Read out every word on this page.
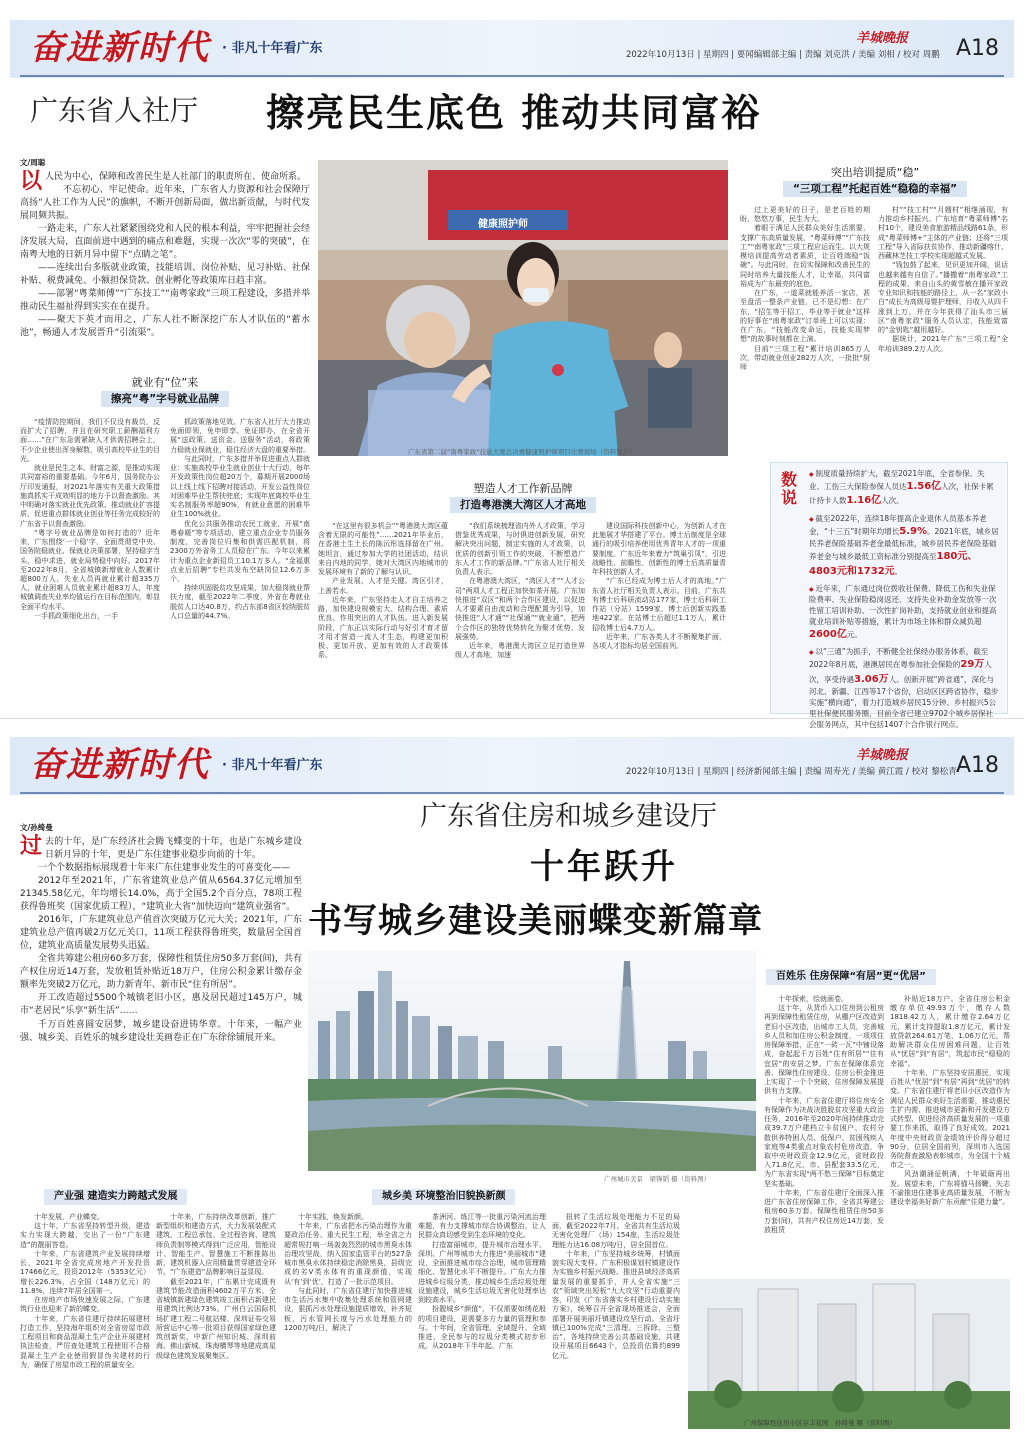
奋进新时代 · 非凡十年看广东	2022年10月13日 | 星期四 | 要闻编辑部主编 | 责编 刘克洪 / 美编 刘相 / 校对 周鹏
羊城晚报 A18
广东省人社厅 擦亮民生底色 推动共同富裕
文/周聪
以 人民为中心，保障和改善民生是人社部门的职责所在、使命所系。

不忘初心、牢记使命。近年来，广东省人力资源和社会保障厅高扬“人社工作为人民”的旗帜，不断开创新局面，做出新贡献，与时代发展同频共振。

一路走来，广东人社紧紧围绕党和人民的根本利益，牢牢把握社会经济发展大局，直面前进中遇到的痛点和难题，实现一次次“零的突破”，在南粤大地的日新月异中留下“点睛之笔”。

——连续出台多版就业政策，技能培训、岗位补贴、见习补贴、社保补贴、税费减免、小额担保贷款、创业孵化等政策库日趋丰富。

——部署“粤菜师傅”“广东技工”“南粤家政”三项工程建设，多措并举推动民生福祉得到实实在在提升。

——聚天下英才而用之，广东人社不断深挖广东人才队伍的“蓄水池”，畅通人才发展晋升“引流渠”。

就业有“位”来
擦亮“粤”字号就业品牌

“疫情防控期间，我们不仅没有裁员，反而扩大了招聘，并且在研究职工薪酬福利方面……”在广东急需紧缺人才供需招聘会上，不少企业使出浑身解数，吸引高校毕业生的目光。

就业是民生之本、财富之源，是推动实现共同富裕的重要基础。今年6月，国务院办公厅印发通报，对2021年落实有关重大政策措施真抓实干成效明显的地方予以督查激励。其中明确对落实就业优先政策、推动就业扩容提质、促进重点群体就业创业等任务完成较好的广东省予以督查激励。

“粤字号就业品牌是如何打造的？近年来，广东围绕‘一个稳’字，全面贯彻党中央、国务院稳就业、保就业决策部署，坚持稳字当头、稳中求进，就业局势稳中向好。2017年至2022年8月，全省城镇新增就业人数累计超800万人，失业人员再就业累计超335万人，就业困难人员就业累计超83万人，年度城镇调查失业率均值运行在目标范围内，彰显全面平均水平。

一手抓政策细化出台，一手

抓政策落地见效。广东省人社厅大力推动免面即领，免申即享、免证即办，在全省开展“送政策、送资金、送服务”活动，将政策力稳就业保就业，稳住经济大盘的重要举措。

与此同时，广东多措并举促进重点人群就业：实施高校毕业生就业创业十大行动，每年开发政策性岗位超20万个，募期开展2000场以上线上线下招聘对接活动，开发公益性岗位对困难毕业生帮扶兜底；实现年底离校毕业生实名制服务率超90%，有就业意愿的困难毕业生100%就业。

优化公共服务推动农民工就业，开展“南粤春暖”等专项活动，建立重点企业专员服务制度，完善岗位归集和供需匹配机制，将2300万外省务工人员稳在广东。今年以来累计为重点企业新招员工10.1万多人。“金福惠点业后招聘”专栏共发布空缺岗位12.6万多个。

持续巩固脱贫攻坚成果，加大稳岗就业帮扶力度，截至2022年二季度，外省在粤就业脱贫人口达40.8万，约占东部8省区较纳脱贫人口总量的44.7%。

健康照护师
广东省第二届“南粤家政”技能大赛总决赛健康照护师项目比赛现场（资料图片）
塑造人才工作新品牌
打造粤港澳大湾区人才高地

“在这里有很多机会”“粤港澳大湾区蕴含着无限的可能性”……2021年毕业后，在香港土生土长的陈沅彤选择留在广州。她坦言，通过参加大学的社团活动，结识来自内地的同学，她对大湾区内地城市的发展环境有了新的了解与认识。

产业发展，人才是关键。湾区引才，上善若水。

近年来，广东坚持走人才自主培养之路，加快建设规模宏大、结构合理、素质优良、作用突出的人才队伍。进入新发展阶段，广东正以实际行动与好引才育才留才用才营造一流人才生态，构建更加积极、更加开放、更加有效的人才政策体系。

“我们系统梳理省内外人才政策，学习借鉴优秀成果，与时俱进创新发展，研究解决突出问题，制定实施的人才政策，以优质的创新引领工作的突破，不断塑造广东人才工作的新品牌。”广东省人社厅相关负责人表示。

在粤港澳大湾区，“湾区人才”“人才公司”两项人才工程正加快如茶开展。广东加快推进“双区”和两个合作区建设，以促进人才要素自由流动和合理配置为引导，加快推进“人才通”“社保通”“就业通”，把两个合作区的独特优势转化为聚才优势、发展强势。

近年来，粤港澳大湾区立足打造世界级人才高地，加速

建设国际科技创新中心，为创新人才在此施展才华搭建了平台。博士后制度是全球通行的吸引培养使用优秀青年人才的一项重要制度。广东近年来着力“筑巢引凤”，引进战略性、前瞻性、创新性的博士后高质量青年科技创新人才。

“广东已经成为博士后人才的高地。”广东省人社厅相关负责人表示。目前，广东共有博士后科研流动站177家，博士后科研工作站（分站）1599家，博士后创新实践基地422家。在站博士后超过1.1万人，累计招收博士后4.7万人。

近年来，广东各类人才不断聚集扩面，各项人才指标均居全国前列。

突出培训提质“稳”
“三项工程”托起百姓“稳稳的幸福”

过上更美好的日子，是老百姓的期盼、悠悠万事，民生为大。

着眼于满足人民群众美好生活需要，支撑广东高质量发展，“粤菜师傅”“广东技工”“南粤家政”三项工程应运而生。以大规模培训提高劳动者素质，让百姓端稳“饭碗”。与此同时，在切实保障和改善民生的同时培养大量技能人才，让幸福，共同富裕成为广东最亮的底色。

在广东，一道菜就能养活一家店，甚至盘活一整条产业链，已不是幻想：在广东，“招生等于招工，毕业等于就业”这样的好事在“南粤家政”订单班上可以实现：在广东，“技能改变命运，技能实现梦想”的故事时刻都在上演。

目前“三项工程”累计培训865万人次，带动就业创业282万人次，一批批“厨师

村”“技工村”“月嫂村”相继涌现，有力推动乡村振兴。广东培育“粤菜师傅”名村10个，建设美食旅游精品线路61条，形成“粤菜师傅+”主体的产业链；还将“三项工程”导入省际扶贫协作，推动新疆喀什、西藏林芝技工学校实现超越式发展。

“钱包鼓了起来，见识更加开阔，说话也越来越有自信了。”播撒着“南粤家政”工程的成果，来自山头的黄雪敏在播开家政专业知识和技能的路径上，从一名“家政小白”成长为高级母婴护理师，月收入从四千涨到上万，并在今年获得了汕头市三届区“南粤家政”服务人员认定，技能致富的“金钥匙”越用越好。

据统计，2021年广东“三项工程”全年培训389.2万人次。

数说
◆ 制度质量持续扩大，截至2021年底，全省参保、失业、工伤三大保险参保人员达1.56亿人次，社保卡累计持卡人数1.16亿人次。
◆ 截至2022年，连续18年提高企业退休人员基本养老金，“十三五”时期年均增长5.9%。2021年底，城乡居民养老保险基础养老金最低标准，城乡居民养老保险基础养老金与城乡最低工资标准分别提高至180元、4803元和1732元。
◆ 近年来，广东通过岗位拨收社保费、降低工伤和失业保险费率、失业保险稳岗返还、支持失业补助金发放等一次性留工培训补助、一次性扩岗补助，支持就业创业和提高就业培训补贴等措施，累计为市场主体和群众减负超2600亿元。
◆ 以“三通”为抓手，不断健全社保经办服务体系，截至2022年8月底，港澳居民在粤参加社会保险的29万人次，享受待遇3.06万人。创新开展“跨省通”，深化与河北、新疆、江西等17个省份，启动区区跨省协作，稳步实施“横向通”，着力打造城乡居民15分钟、乡村振兴5公里社保便民服务圈，目前全省已建立9702个城乡居保社会服务网点，其中包括1407个合作银行网点。
奋进新时代 · 非凡十年看广东	2022年10月13日 | 星期四 | 经济新闻部主编 | 责编 周寿光 / 美编 黄江霞 / 校对 黎松青
羊城晚报 A18
广东省住房和城乡建设厅
十年跃升
书写城乡建设美丽蝶变新篇章
文/孙绮曼
过 去的十年，是广东经济社会腾飞蝶变的十年，也是广东城乡建设日新月异的十年，更是广东住建事业稳步向前的十年。

一个个数据指标展现着十年来广东住建事业发生的可喜变化——

2012年至2021年，广东省建筑业总产值从6564.37亿元增加至21345.58亿元，年均增长14.0%，高于全国5.2个百分点，78项工程获得鲁班奖（国家优质工程），“建筑业大省”加快迈向“建筑业强省”。

2016年，广东建筑业总产值首次突破万亿元大关；2021年，广东建筑业总产值再破2万亿元关口，11项工程获得鲁班奖，数量居全国首位，建筑业高质量发展势头迅猛。

全省共筹建公租房60多万套，保障性租赁住房50多万套(间)，共有产权住房近14万套，发放租赁补贴近18万户，住房公积金累计缴存金额率先突破2万亿元，助力新青年、新市民“住有所居”。

开工改造超过5500个城镇老旧小区，惠及居民超过145万户，城市“老居民”乐享“新生活”……

千万百姓喜圆安居梦，城乡建设奋进铸华章。十年来，一幅产业强、城乡美、百姓乐的城乡建设壮美画卷正在广东徐徐铺展开来。

广州城市美景　梁锋韬 摄（资料图）
百姓乐 住房保障“有居”更“优居”

十年探索，绘就画卷。

这十年，从货币入口住房到公租房再到保障性租赁住房，从棚户区改造到老旧小区改造，出城市工人员，完善城乡人员和加住房公积金制度，一项项住房保障举措，正在“一砖一瓦”中铺设落成，奋起起千万百姓“住有所居”“住有宜居”的安居之梦。广东在保障体系完善、保障性住房建设、住房公积金推进上实现了一个个突破，住房保障发展提供有力支撑。

十年来，广东省住建厅将住房安全有保障作为决战决胜脱贫攻坚重大政治任务，2016年至2020年间持续推动完成39.7万户建档立卡贫困户、农村分散供养特困人员、低保户、贫困残疾人家庭等4类重点对象农村危房改造，争取中央财政资金12.9亿元，省财政投入71.8亿元，市、县配套33.5亿元，为广东省实现“两不愁三保障”目标奠定坚实基础。

十年来，广东省住建厅全面深入推进广东省住房保障工作，全省共筹建公租房60多万套、保障性租赁住房50多万套(间)，共有产权住房近14万套，发放租赁

补贴近18万户。全省住房公积金缴存单位49.93万个，缴存人数1818.42万人，累计缴存2.64万亿元，累计支持提取1.8万亿元，累计发放贷款264.61万笔，1.06万亿元，帮助解决群众住房困难问题，让百姓从“忧居”到“有居”，筑起市民“稳稳的幸福”。

十年来，广东坚持安居惠民，实现百姓从“忧居”到“有居”再到“优居”的转变。广东省住建厅将老旧小区改造作为满足人民群众美好生活需要，推动惠民生扩内需、推进城市更新和开发建设方式转型、促进经济高质量发展的一项重要工作来抓，取得了良好成效。2021年度中央财政资金绩效评价得分超过90分，位居全国前列，深圳市入选国务院督查激励表彰城市，为全国十个城市之一。

风劲潮涌征帆满，十年砥砺再出发。展望未来，广东将锚马扬鞭、矢志不渝推进住建事业高质量发展，不断为建设幸福美好新广东贡献“住建力量”。

产业强 建造实力跨越式发展

十年发展，产业蝶变。

这十年，广东省坚持转型升级，建造实力实现大跨越，交出了一份“广东建造”的靓丽答卷。

十年来，广东省建筑产业发展持续增长，2021年全省完成房地产开发投资17466亿元，投资2012年（5353亿元）增长226.3%，占全国（148万亿元）的11.8%，连续7年居全国第一。

在房地产市场快速发展之际，广东建筑行业也迎来了新的蝶变。

十年来，广东省住建厅持续拓展建材打造工作，坚持海年组织对全省房屋市政工程项目和商品混凝土生产企业开展建材执法检查，严厉查处建筑工程使用不合格混凝土生产企业使用假冒伪劣建材的行为，确保了房屋市政工程的质量安全。

十年来，广东持续改革创新，推广新型组织和建造方式，大力发展装配式建筑，工程总承包、全过程咨询、建筑师负责制等模式得到广泛应用，智能设计、智能生产、智慧施工不断推陈出新，建筑机器人应用精量贯穿建造全环节。“广东建造”品牌影响日益显现。

截至2021年，广东累计完成既有建筑节能改造面积4602万平方米，全省城镇新建绿色建筑竣工面积占新建民用建筑比例达73%。广州白云国际机场扩建工程二号航站楼、深圳证券交易所营运中心等一批项目获得国家绿色建筑创新奖，中新广州知识城、深圳前海、佛山新城、珠海横琴等地建成高星级绿色建筑发展聚集区。

城乡美 环境整治旧貌换新颜

十年实践，焕发新颜。

十年来，广东省把水污染治理作为重要政治任务、重大民生工程，举全省之力超常规打响一场轰轰烈烈的城市黑臭水体治理攻坚战，纳入国家监管平台的527条城市黑臭水体持续稳定消除黑臭，县级完成的劣V类水体有的重现颜值，实现从‘有’到‘优’，打造了一批示范项目。

与此同时，广东省住建厅加快推进城市生活污水集中收集处理系统和管网建设，狠抓污水处理设施提质增效，补齐短板，污水管网长度与污水处理能力的1200万吨/日，解决了

茶洲河、练江等一批重污染河流治理难题，有力支撑城市综合协调整治，让人民群众真切感受到生态环境的变化。

打造富丽城市，提升城市治理水平。深圳、广州等城市大力推进“美丽城市”建设，全面推进城市综合治理，城市管理精细化、智慧化水平不断提升。广东大力推进城乡垃圾分类，推动城乡生活垃圾处理设施建设，城乡生活垃圾无害化处理率达到较高水平。

扮靓城乡“颜值”，不仅需要如绣花般的项目建设，更需要多方力量的管理和参与。十年间，全省管理、全域提升、全域推进，全民参与的垃圾分类模式初步形成。从2018年下半年起，广东

扭转了生活垃圾处理能力不足的局面，截至2022年7月，全省共有生活垃圾无害化处理厂（场）154座，生活垃圾处理能力达16.08万吨/日，居全国首位。

十年来，广东坚持城乡统筹，村镇面貌实现大变样。广东积极谋划村镇建设作为实施乡村振兴战略、推进县域经济高质量发展的重要抓手，并人全省实施“三农”领域突出短板“九大攻坚”行动重要内容，印发《广东省落实乡村建设行动实施方案》，统筹召开全省现场推进会，全面部署开展美丽圩镇建设攻坚行动。全省圩镇已100%完成“三清理、三拆除、三整治”，各地持续完善公共基础设施，共建设开展项目6643个，总投资估算约899亿元。

广州保障性住房小区存丰花园　孙绮曼 摄（资料图）
